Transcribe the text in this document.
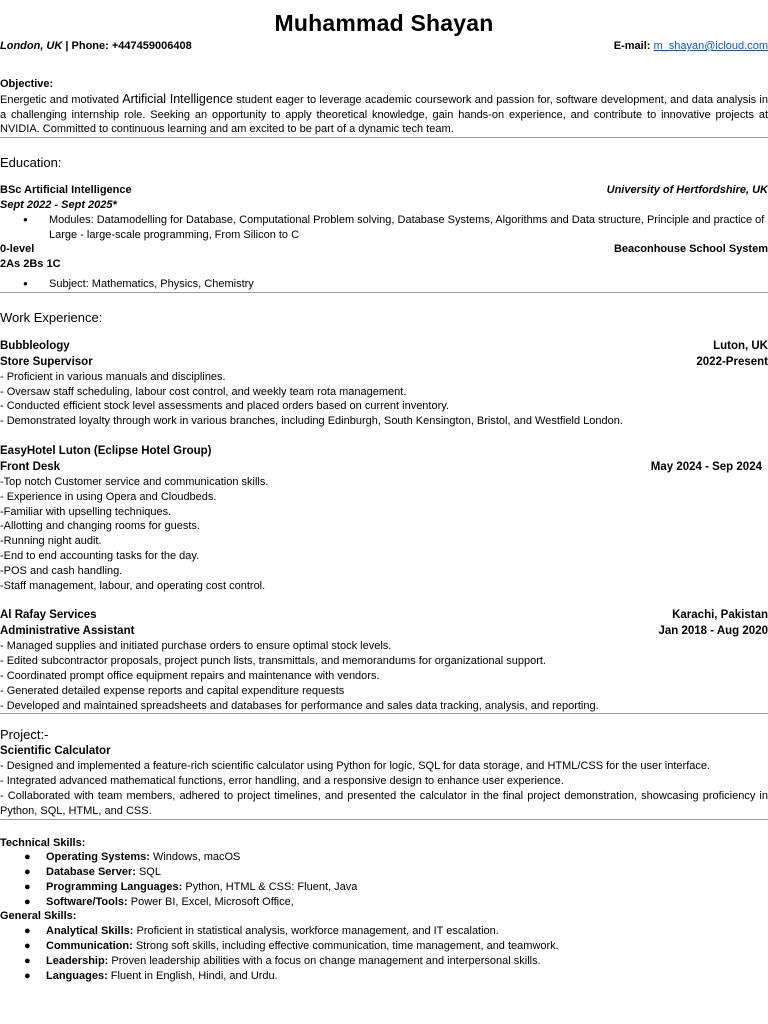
Muhammad Shayan
London, UK | Phone: +447459006408	E-mail: m_shayan@icloud.com
Objective:

Energetic and motivated Artificial Intelligence student eager to leverage academic coursework and passion for, software development, and data analysis in a challenging internship role. Seeking an opportunity to apply theoretical knowledge, gain hands-on experience, and contribute to innovative projects at NVIDIA. Committed to continuous learning and am excited to be part of a dynamic tech team.

Education:
BSc Artificial Intelligence	University of Hertfordshire, UK
Sept 2022 - Sept 2025*
● Modules: Datamodelling for Database, Computational Problem solving, Database Systems, Algorithms and Data structure, Principle and practice of Large - large-scale programming, From Silicon to C
0-level	Beaconhouse School System
2As 2Bs 1C
● Subject: Mathematics, Physics, Chemistry
Work Experience:
Bubbleology	Luton, UK
Store Supervisor	2022-Present
- Proficient in various manuals and disciplines.
- Oversaw staff scheduling, labour cost control, and weekly team rota management.
- Conducted efficient stock level assessments and placed orders based on current inventory.
- Demonstrated loyalty through work in various branches, including Edinburgh, South Kensington, Bristol, and Westfield London.
EasyHotel Luton (Eclipse Hotel Group)
Front Desk	May 2024 - Sep 2024
-Top notch Customer service and communication skills.
- Experience in using Opera and Cloudbeds.
-Familiar with upselling techniques.
-Allotting and changing rooms for guests.
-Running night audit.
-End to end accounting tasks for the day.
-POS and cash handling.
-Staff management, labour, and operating cost control.
Al Rafay Services	Karachi, Pakistan
Administrative Assistant	Jan 2018 - Aug 2020
- Managed supplies and initiated purchase orders to ensure optimal stock levels.
- Edited subcontractor proposals, project punch lists, transmittals, and memorandums for organizational support.
- Coordinated prompt office equipment repairs and maintenance with vendors.
- Generated detailed expense reports and capital expenditure requests
- Developed and maintained spreadsheets and databases for performance and sales data tracking, analysis, and reporting.
Project:-
Scientific Calculator
- Designed and implemented a feature-rich scientific calculator using Python for logic, SQL for data storage, and HTML/CSS for the user interface.
- Integrated advanced mathematical functions, error handling, and a responsive design to enhance user experience.
- Collaborated with team members, adhered to project timelines, and presented the calculator in the final project demonstration, showcasing proficiency in Python, SQL, HTML, and CSS.
Technical Skills:
● Operating Systems: Windows, macOS
● Database Server: SQL
● Programming Languages: Python, HTML & CSS: Fluent, Java
● Software/Tools: Power BI, Excel, Microsoft Office,
General Skills:
● Analytical Skills: Proficient in statistical analysis, workforce management, and IT escalation.
● Communication: Strong soft skills, including effective communication, time management, and teamwork.
● Leadership: Proven leadership abilities with a focus on change management and interpersonal skills.
● Languages: Fluent in English, Hindi, and Urdu.
